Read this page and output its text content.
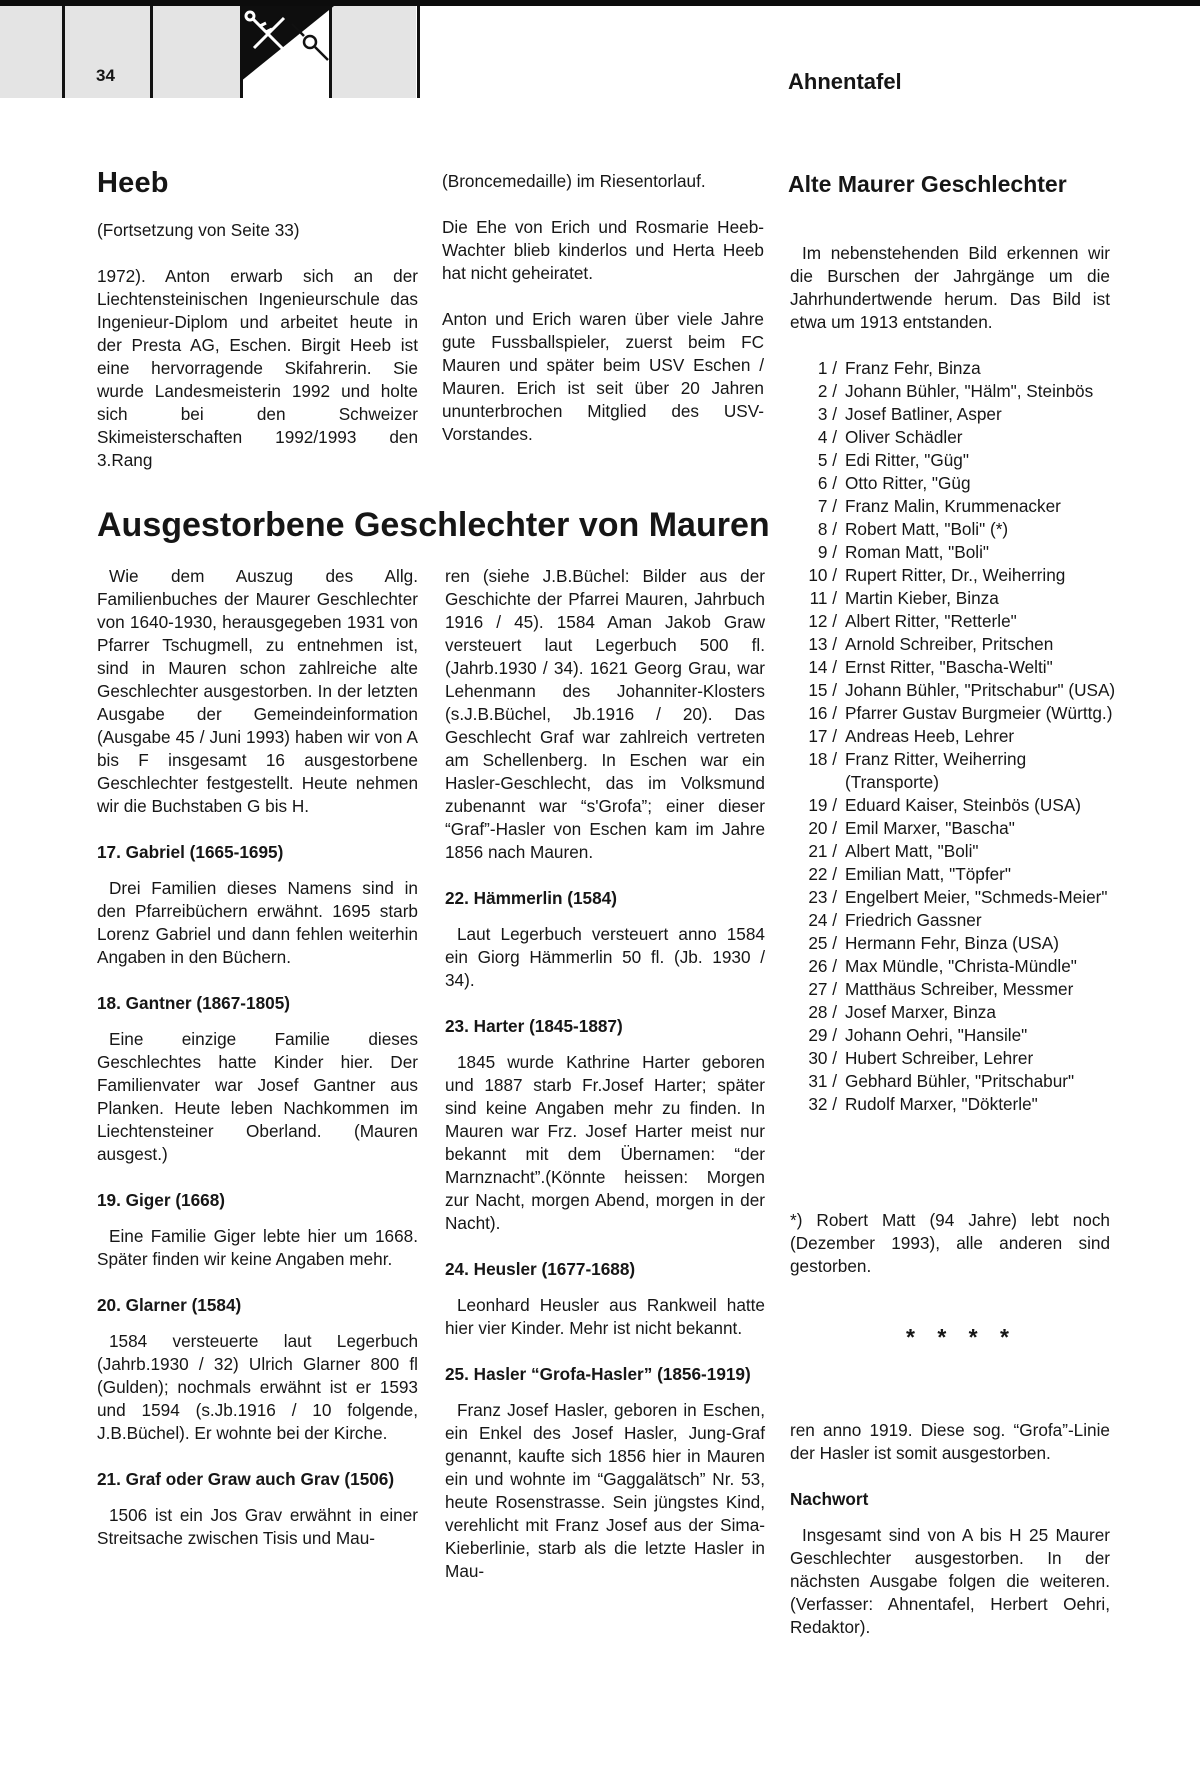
34	Ahnentafel
Heeb	Alte Maurer Geschlechter

(Fortsetzung von Seite 33)

1972). Anton erwarb sich an der Liechtensteinischen Ingenieurschule das Ingenieur-Diplom und arbeitet heute in der Presta AG, Eschen. Birgit Heeb ist eine hervorragende Skifahrerin. Sie wurde Landesmeisterin 1992 und holte sich bei den Schweizer Skimeisterschaften 1992/1993 den 3.Rang

(Broncemedaille) im Riesentorlauf.

Die Ehe von Erich und Rosmarie Heeb-Wachter blieb kinderlos und Herta Heeb hat nicht geheiratet.

Anton und Erich waren über viele Jahre gute Fussballspieler, zuerst beim FC Mauren und später beim USV Eschen / Mauren. Erich ist seit über 20 Jahren ununterbrochen Mitglied des USV-Vorstandes.

Im nebenstehenden Bild erkennen wir die Burschen der Jahrgänge um die Jahrhundertwende herum. Das Bild ist etwa um 1913 entstanden.

1 / Franz Fehr, Binza
2 / Johann Bühler, "Hälm", Steinbös
3 / Josef Batliner, Asper
4 / Oliver Schädler
5 / Edi Ritter, "Güg"
6 / Otto Ritter, "Güg
7 / Franz Malin, Krummenacker
8 / Robert Matt, "Boli" (*)
9 / Roman Matt, "Boli"
10 / Rupert Ritter, Dr., Weiherring
11 / Martin Kieber, Binza
12 / Albert Ritter, "Retterle"
13 / Arnold Schreiber, Pritschen
14 / Ernst Ritter, "Bascha-Welti"
15 / Johann Bühler, "Pritschabur" (USA)
16 / Pfarrer Gustav Burgmeier (Württg.)
17 / Andreas Heeb, Lehrer
18 / Franz Ritter, Weiherring (Transporte)
19 / Eduard Kaiser, Steinbös (USA)
20 / Emil Marxer, "Bascha"
21 / Albert Matt, "Boli"
22 / Emilian Matt, "Töpfer"
23 / Engelbert Meier, "Schmeds-Meier"
24 / Friedrich Gassner
25 / Hermann Fehr, Binza (USA)
26 / Max Mündle, "Christa-Mündle"
27 / Matthäus Schreiber, Messmer
28 / Josef Marxer, Binza
29 / Johann Oehri, "Hansile"
30 / Hubert Schreiber, Lehrer
31 / Gebhard Bühler, "Pritschabur"
32 / Rudolf Marxer, "Dökterle"

*) Robert Matt (94 Jahre) lebt noch (Dezember 1993), alle anderen sind gestorben.

* * * *
Ausgestorbene Geschlechter von Mauren

Wie dem Auszug des Allg. Familienbuches der Maurer Geschlechter von 1640-1930, herausgegeben 1931 von Pfarrer Tschugmell, zu entnehmen ist, sind in Mauren schon zahlreiche alte Geschlechter ausgestorben. In der letzten Ausgabe der Gemeindeinformation (Ausgabe 45 / Juni 1993) haben wir von A bis F insgesamt 16 ausgestorbene Geschlechter festgestellt. Heute nehmen wir die Buchstaben G bis H.

17. Gabriel (1665-1695)

Drei Familien dieses Namens sind in den Pfarreibüchern erwähnt. 1695 starb Lorenz Gabriel und dann fehlen weiterhin Angaben in den Büchern.

18. Gantner (1867-1805)

Eine einzige Familie dieses Geschlechtes hatte Kinder hier. Der Familienvater war Josef Gantner aus Planken. Heute leben Nachkommen im Liechtensteiner Oberland. (Mauren ausgest.)

19. Giger (1668)

Eine Familie Giger lebte hier um 1668. Später finden wir keine Angaben mehr.

20. Glarner (1584)

1584 versteuerte laut Legerbuch (Jahrb.1930 / 32) Ulrich Glarner 800 fl (Gulden); nochmals erwähnt ist er 1593 und 1594 (s.Jb.1916 / 10 folgende, J.B.Büchel). Er wohnte bei der Kirche.

21. Graf oder Graw auch Grav (1506)

1506 ist ein Jos Grav erwähnt in einer Streitsache zwischen Tisis und Mau-

ren (siehe J.B.Büchel: Bilder aus der Geschichte der Pfarrei Mauren, Jahrbuch 1916 / 45). 1584 Aman Jakob Graw versteuert laut Legerbuch 500 fl. (Jahrb.1930 / 34). 1621 Georg Grau, war Lehenmann des Johanniter-Klosters (s.J.B.Büchel, Jb.1916 / 20). Das Geschlecht Graf war zahlreich vertreten am Schellenberg. In Eschen war ein Hasler-Geschlecht, das im Volksmund zubenannt war “s'Grofa”; einer dieser “Graf”-Hasler von Eschen kam im Jahre 1856 nach Mauren.

22. Hämmerlin (1584)

Laut Legerbuch versteuert anno 1584 ein Giorg Hämmerlin 50 fl. (Jb. 1930 / 34).

23. Harter (1845-1887)

1845 wurde Kathrine Harter geboren und 1887 starb Fr.Josef Harter; später sind keine Angaben mehr zu finden. In Mauren war Frz. Josef Harter meist nur bekannt mit dem Übernamen: “der Marnznacht”.(Könnte heissen: Morgen zur Nacht, morgen Abend, morgen in der Nacht).

24. Heusler (1677-1688)

Leonhard Heusler aus Rankweil hatte hier vier Kinder. Mehr ist nicht bekannt.

25. Hasler “Grofa-Hasler” (1856-1919)

Franz Josef Hasler, geboren in Eschen, ein Enkel des Josef Hasler, Jung-Graf genannt, kaufte sich 1856 hier in Mauren ein und wohnte im “Gaggalätsch” Nr. 53, heute Rosenstrasse. Sein jüngstes Kind, verehlicht mit Franz Josef aus der Sima-Kieberlinie, starb als die letzte Hasler in Mau-

ren anno 1919. Diese sog. “Grofa”-Linie der Hasler ist somit ausgestorben.

Nachwort

Insgesamt sind von A bis H 25 Maurer Geschlechter ausgestorben. In der nächsten Ausgabe folgen die weiteren. (Verfasser: Ahnentafel, Herbert Oehri, Redaktor).
